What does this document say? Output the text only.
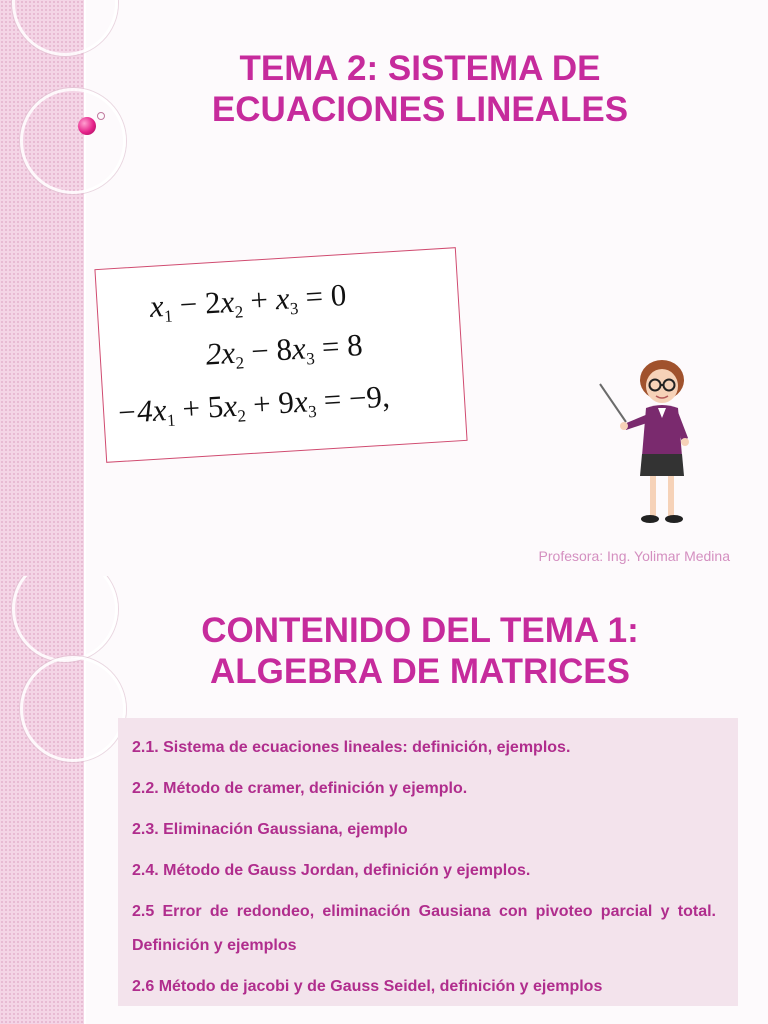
TEMA 2: SISTEMA DE ECUACIONES LINEALES
$x_1 - 2x_2 + x_3 = 0$
$2x_2 - 8x_3 = 8$
$-4x_1 + 5x_2 + 9x_3 = -9$,

Profesora: Ing. Yolimar Medina

CONTENIDO DEL TEMA 1: ALGEBRA DE MATRICES

2.1. Sistema de ecuaciones lineales: definición, ejemplos.

2.2. Método de cramer, definición y ejemplo.

2.3. Eliminación Gaussiana, ejemplo

2.4. Método de Gauss Jordan, definición y ejemplos.

2.5 Error de redondeo, eliminación Gausiana con pivoteo parcial y total. Definición y ejemplos

2.6 Método de jacobi y de Gauss Seidel, definición y ejemplos
